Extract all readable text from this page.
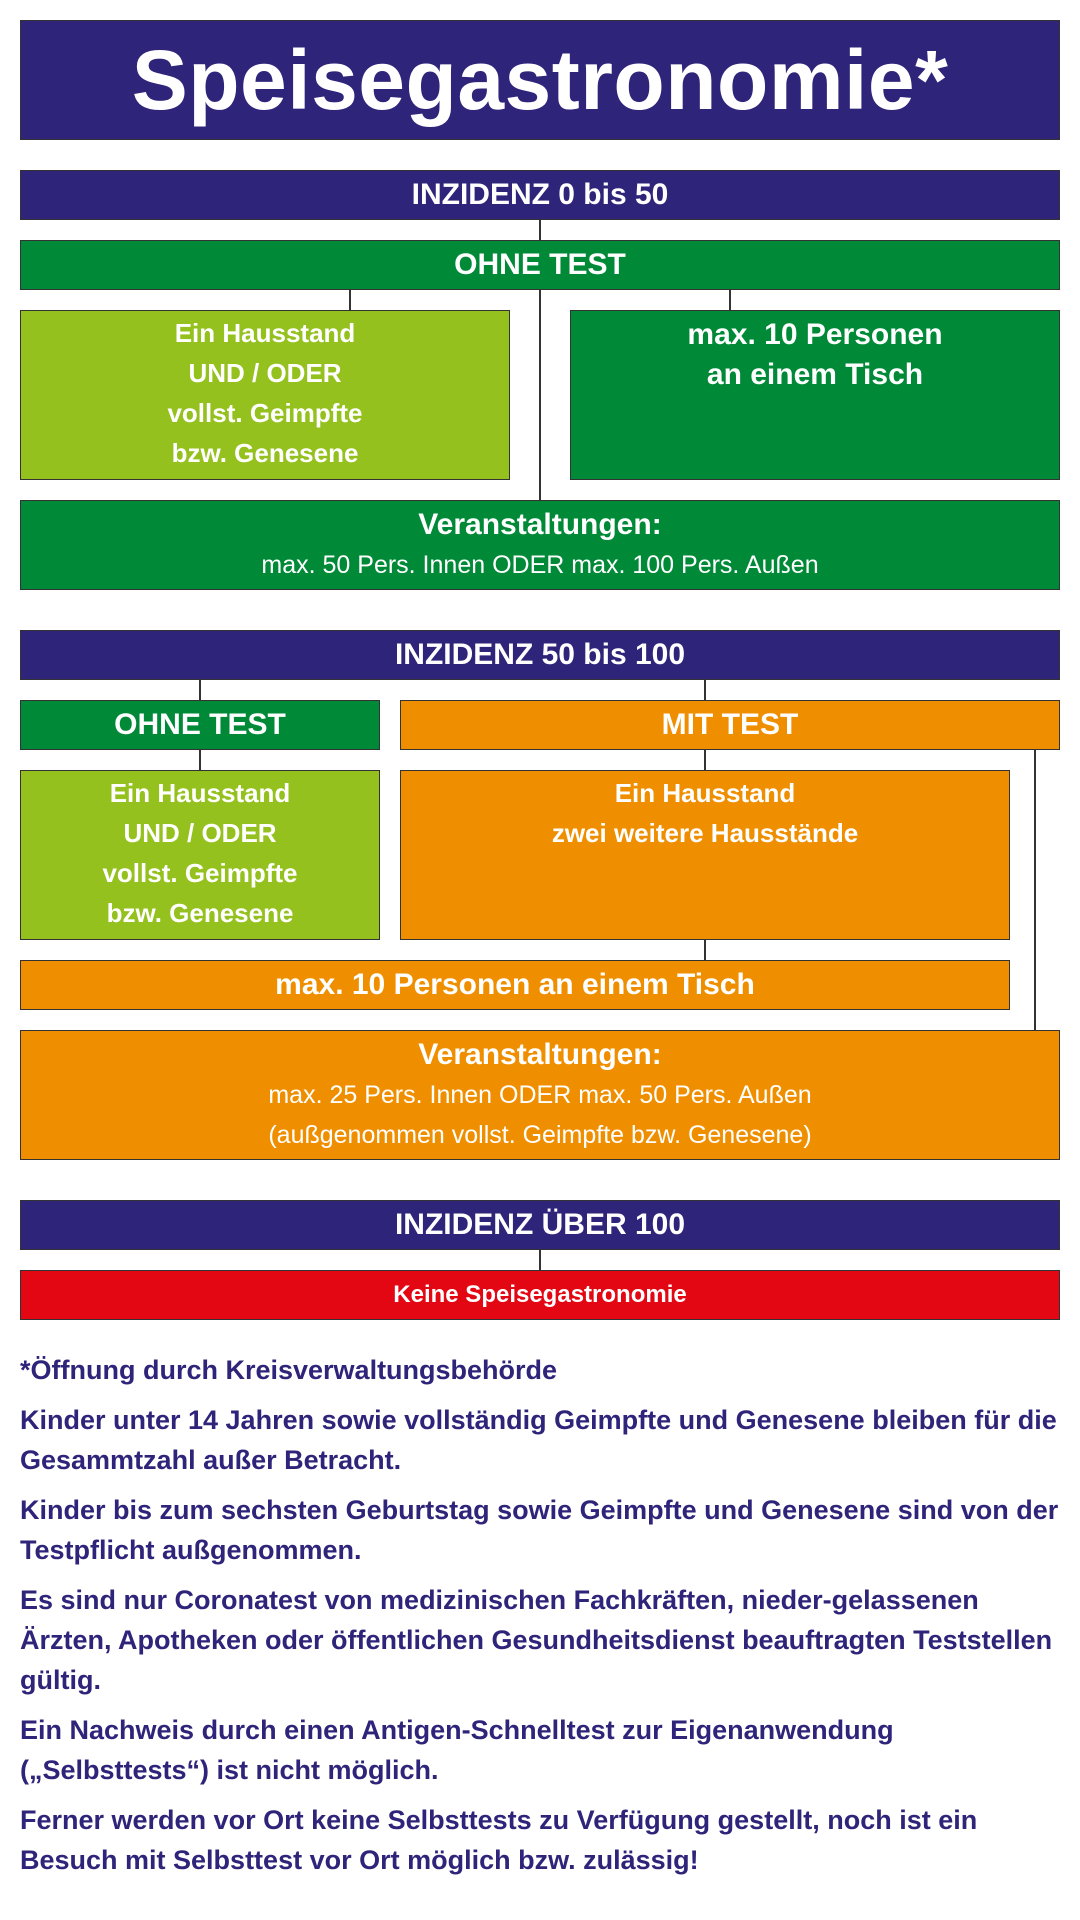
Speisegastronomie*
INZIDENZ 0 bis 50
OHNE TEST
Ein Hausstand
UND / ODER
vollst. Geimpfte
bzw. Genesene
max. 10 Personen
an einem Tisch
Veranstaltungen:
max. 50 Pers. Innen ODER max. 100 Pers. Außen
INZIDENZ 50 bis 100
OHNE TEST	MIT TEST
Ein Hausstand
UND / ODER
vollst. Geimpfte
bzw. Genesene
Ein Hausstand
zwei weitere Hausstände
max. 10 Personen an einem Tisch
Veranstaltungen:
max. 25 Pers. Innen ODER max. 50 Pers. Außen
(außgenommen vollst. Geimpfte bzw. Genesene)
INZIDENZ ÜBER 100
Keine Speisegastronomie

*Öffnung durch Kreisverwaltungsbehörde

Kinder unter 14 Jahren sowie vollständig Geimpfte und Genesene bleiben für die Gesammtzahl außer Betracht.

Kinder bis zum sechsten Geburtstag sowie Geimpfte und Genesene sind von der Testpflicht außgenommen.

Es sind nur Coronatest von medizinischen Fachkräften, nieder-gelassenen Ärzten, Apotheken oder öffentlichen Gesundheitsdienst beauftragten Teststellen gültig.

Ein Nachweis durch einen Antigen-Schnelltest zur Eigenanwendung („Selbsttests“) ist nicht möglich.

Ferner werden vor Ort keine Selbsttests zu Verfügung gestellt, noch ist ein Besuch mit Selbsttest vor Ort möglich bzw. zulässig!
